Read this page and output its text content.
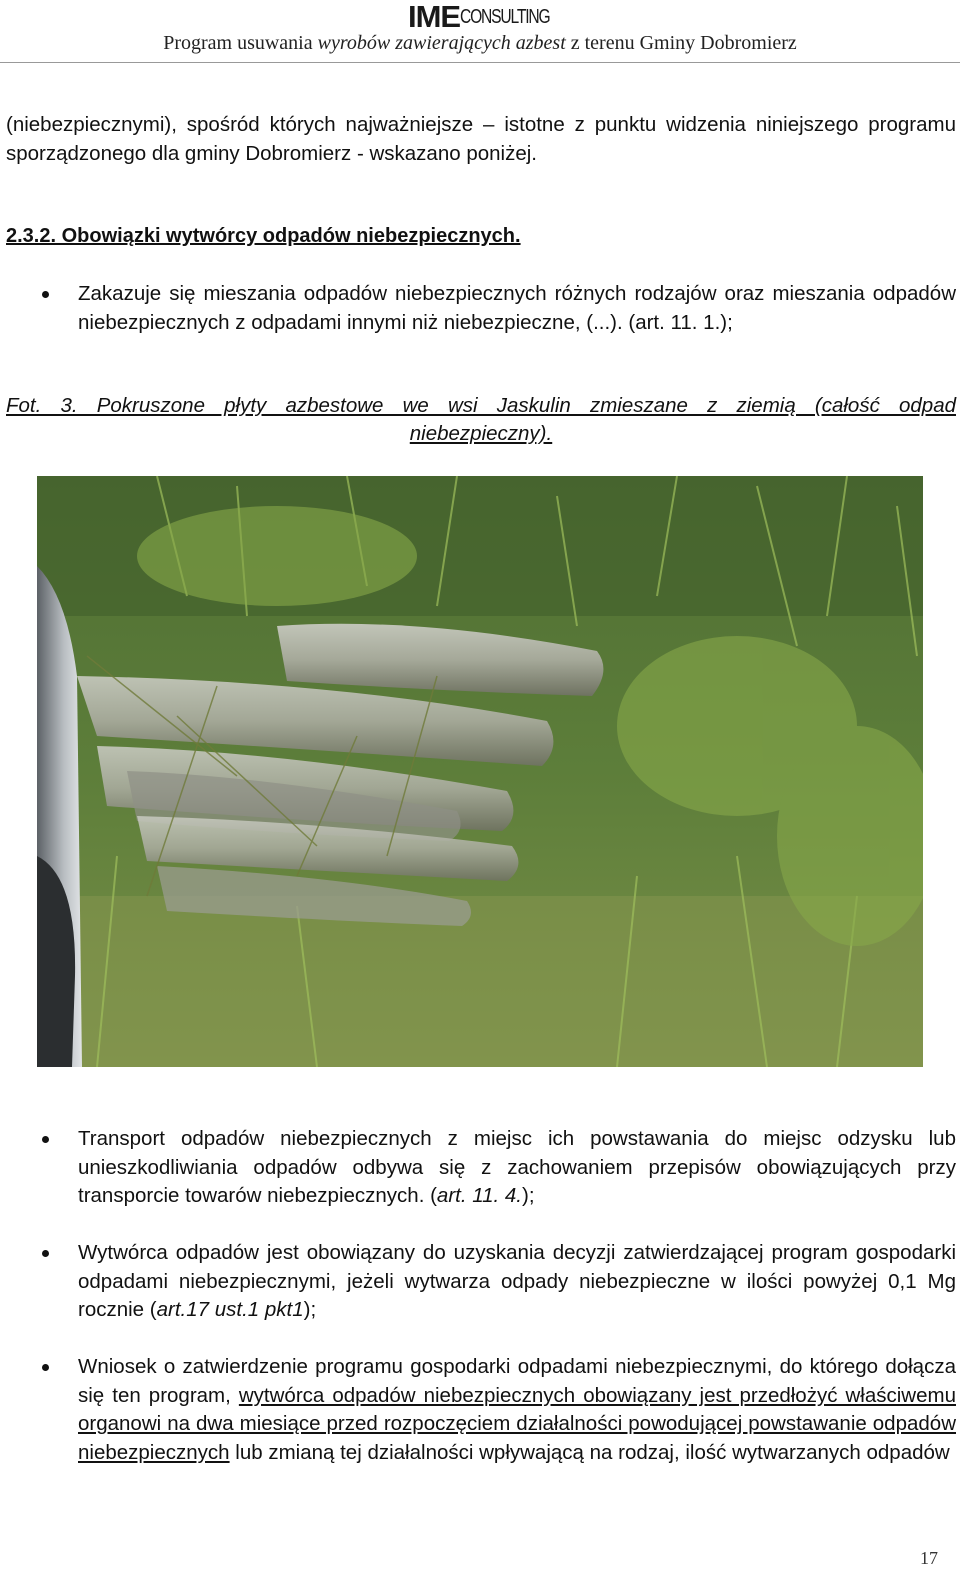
IMECONSULTING
Program usuwania wyrobów zawierających azbest z terenu Gminy Dobromierz
(niebezpiecznymi), spośród których najważniejsze – istotne z punktu widzenia niniejszego programu sporządzonego dla gminy Dobromierz - wskazano poniżej.
2.3.2. Obowiązki wytwórcy odpadów niebezpiecznych.
Zakazuje się mieszania odpadów niebezpiecznych różnych rodzajów oraz mieszania odpadów niebezpiecznych z odpadami innymi niż niebezpieczne, (...). (art. 11. 1.);
Fot. 3. Pokruszone płyty azbestowe we wsi Jaskulin zmieszane z ziemią (całość odpad
niebezpieczny).
Transport odpadów niebezpiecznych z miejsc ich powstawania do miejsc odzysku lub unieszkodliwiania odpadów odbywa się z zachowaniem przepisów obowiązujących przy transporcie towarów niebezpiecznych. (art. 11. 4.);
Wytwórca odpadów jest obowiązany do uzyskania decyzji zatwierdzającej program gospodarki odpadami niebezpiecznymi, jeżeli wytwarza odpady niebezpieczne w ilości powyżej 0,1 Mg rocznie (art.17 ust.1 pkt1);
Wniosek o zatwierdzenie programu gospodarki odpadami niebezpiecznymi, do którego dołącza się ten program, wytwórca odpadów niebezpiecznych obowiązany jest przedłożyć właściwemu organowi na dwa miesiące przed rozpoczęciem działalności powodującej powstawanie odpadów niebezpiecznych lub zmianą tej działalności wpływającą na rodzaj, ilość wytwarzanych odpadów
17
